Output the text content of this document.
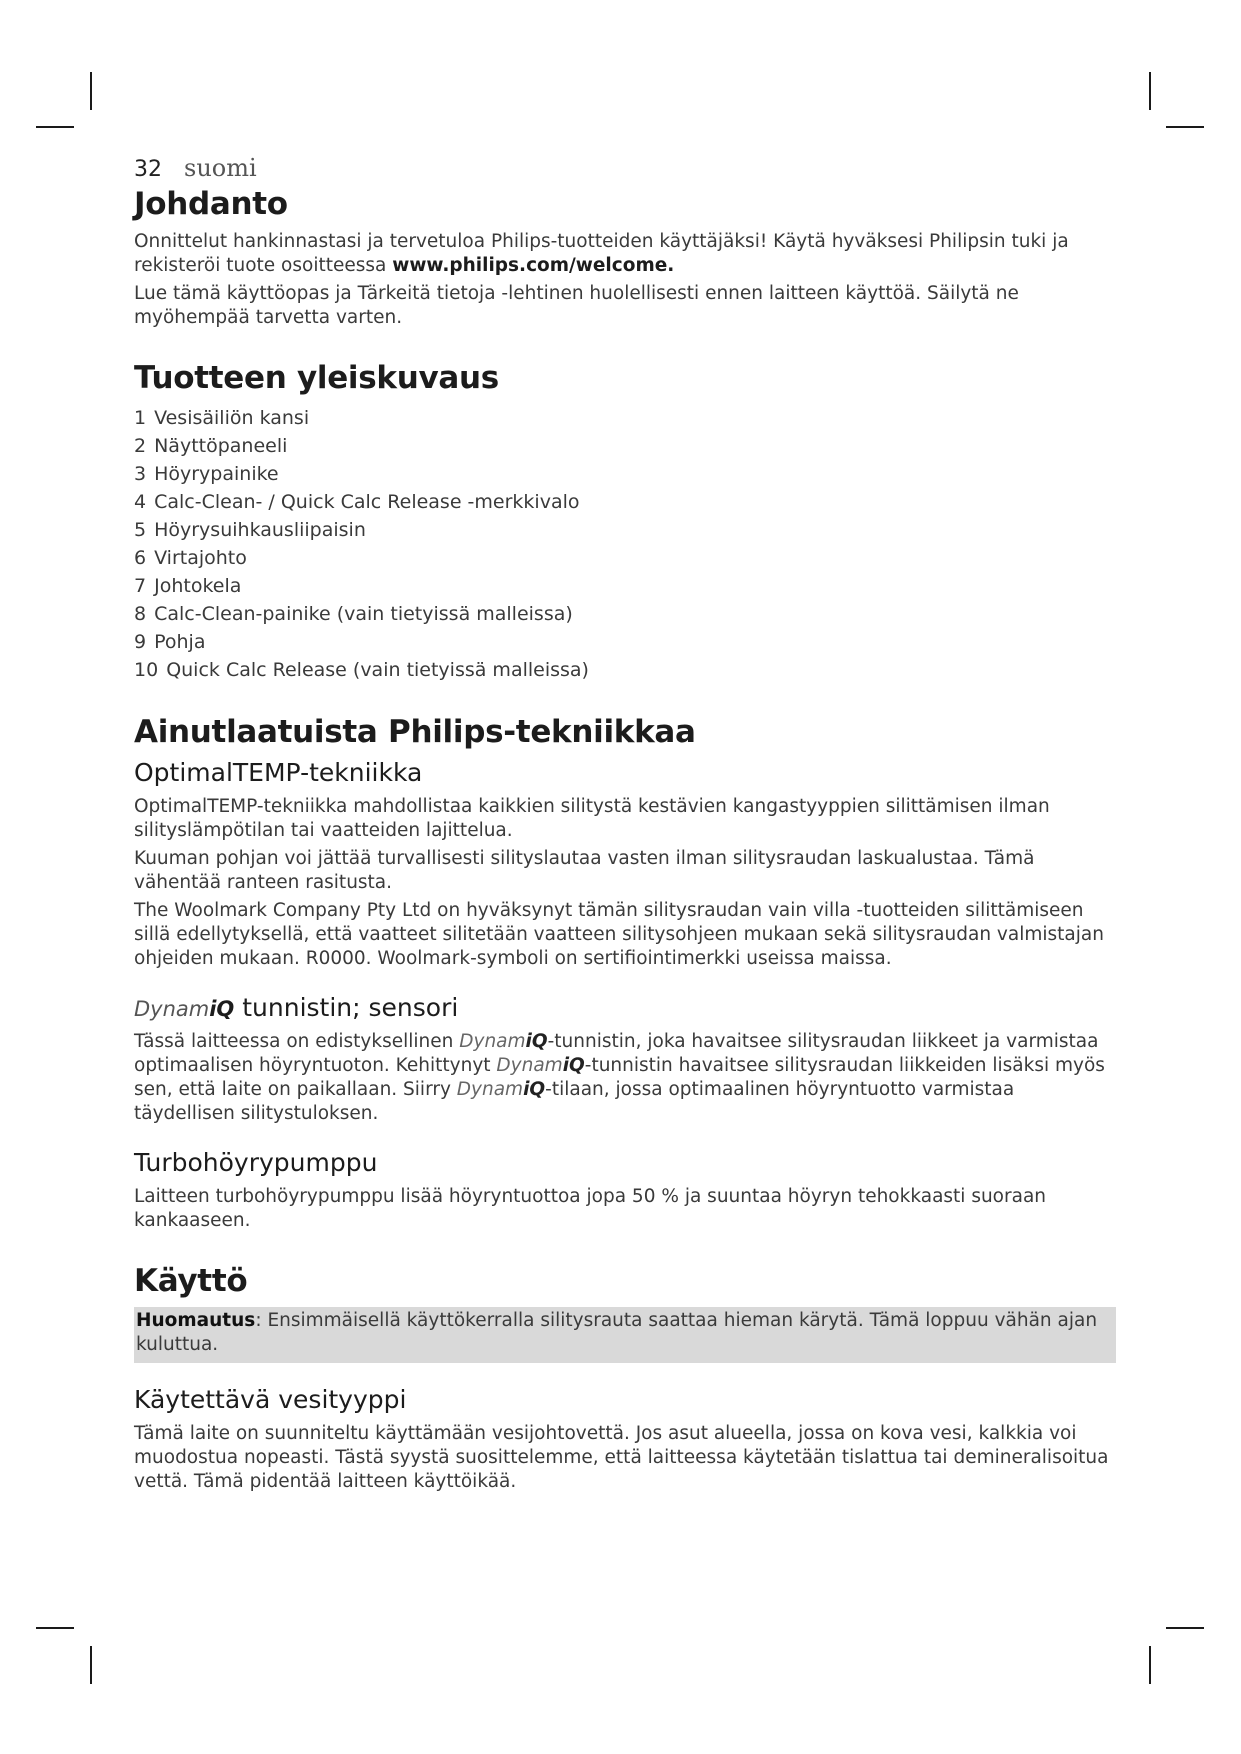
32 suomi
Johdanto

Onnittelut hankinnastasi ja tervetuloa Philips-tuotteiden käyttäjäksi! Käytä hyväksesi Philipsin tuki ja rekisteröi tuote osoitteessa www.philips.com/welcome.

Lue tämä käyttöopas ja Tärkeitä tietoja -lehtinen huolellisesti ennen laitteen käyttöä. Säilytä ne myöhempää tarvetta varten.

Tuotteen yleiskuvaus
1 Vesisäiliön kansi
2 Näyttöpaneeli
3 Höyrypainike
4 Calc-Clean- / Quick Calc Release -merkkivalo
5 Höyrysuihkausliipaisin
6 Virtajohto
7 Johtokela
8 Calc-Clean-painike (vain tietyissä malleissa)
9 Pohja
10 Quick Calc Release (vain tietyissä malleissa)
Ainutlaatuista Philips-tekniikkaa
OptimalTEMP-tekniikka

OptimalTEMP-tekniikka mahdollistaa kaikkien silitystä kestävien kangastyyppien silittämisen ilman silityslämpötilan tai vaatteiden lajittelua.

Kuuman pohjan voi jättää turvallisesti silityslautaa vasten ilman silitysraudan laskualustaa. Tämä vähentää ranteen rasitusta.

The Woolmark Company Pty Ltd on hyväksynyt tämän silitysraudan vain villa -tuotteiden silittämiseen sillä edellytyksellä, että vaatteet silitetään vaatteen silitysohjeen mukaan sekä silitysraudan valmistajan ohjeiden mukaan. R0000. Woolmark-symboli on sertifiointimerkki useissa maissa.

DynamiQ tunnistin; sensori

Tässä laitteessa on edistyksellinen DynamiQ-tunnistin, joka havaitsee silitysraudan liikkeet ja varmistaa optimaalisen höyryntuoton. Kehittynyt DynamiQ-tunnistin havaitsee silitysraudan liikkeiden lisäksi myös sen, että laite on paikallaan. Siirry DynamiQ-tilaan, jossa optimaalinen höyryntuotto varmistaa täydellisen silitystuloksen.

Turbohöyrypumppu

Laitteen turbohöyrypumppu lisää höyryntuottoa jopa 50 % ja suuntaa höyryn tehokkaasti suoraan kankaaseen.

Käyttö
Huomautus: Ensimmäisellä käyttökerralla silitysrauta saattaa hieman kärytä. Tämä loppuu vähän ajan kuluttua.
Käytettävä vesityyppi

Tämä laite on suunniteltu käyttämään vesijohtovettä. Jos asut alueella, jossa on kova vesi, kalkkia voi muodostua nopeasti. Tästä syystä suosittelemme, että laitteessa käytetään tislattua tai demineralisoitua vettä. Tämä pidentää laitteen käyttöikää.
